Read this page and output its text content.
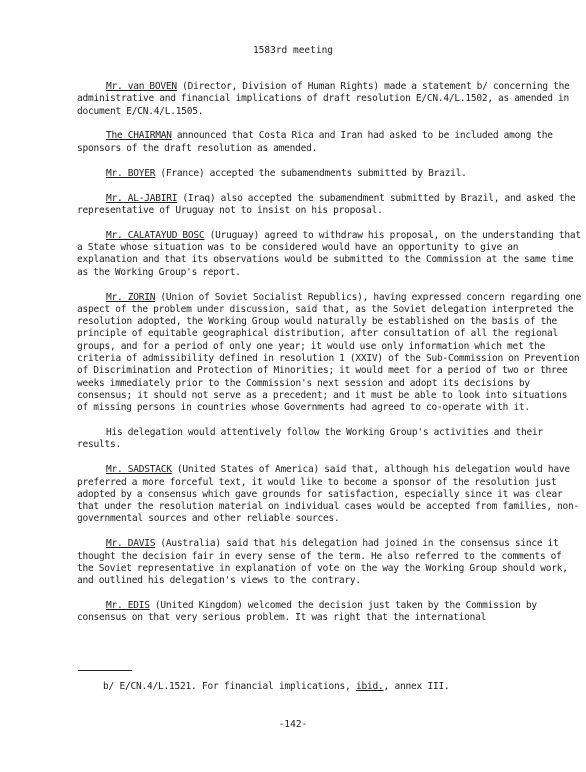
1583rd meeting

Mr. van BOVEN (Director, Division of Human Rights) made a statement b/ concerning the administrative and financial implications of draft resolution E/CN.4/L.1502, as amended in document E/CN.4/L.1505.

The CHAIRMAN announced that Costa Rica and Iran had asked to be included among the sponsors of the draft resolution as amended.

Mr. BOYER (France) accepted the subamendments submitted by Brazil.

Mr. AL-JABIRI (Iraq) also accepted the subamendment submitted by Brazil, and asked the representative of Uruguay not to insist on his proposal.

Mr. CALATAYUD BOSC (Uruguay) agreed to withdraw his proposal, on the understanding that a State whose situation was to be considered would have an opportunity to give an explanation and that its observations would be submitted to the Commission at the same time as the Working Group's report.

Mr. ZORIN (Union of Soviet Socialist Republics), having expressed concern regarding one aspect of the problem under discussion, said that, as the Soviet delegation interpreted the resolution adopted, the Working Group would naturally be established on the basis of the principle of equitable geographical distribution, after consultation of all the regional groups, and for a period of only one year; it would use only information which met the criteria of admissibility defined in resolution 1 (XXIV) of the Sub-Commission on Prevention of Discrimination and Protection of Minorities; it would meet for a period of two or three weeks immediately prior to the Commission's next session and adopt its decisions by consensus; it should not serve as a precedent; and it must be able to look into situations of missing persons in countries whose Governments had agreed to co-operate with it.

His delegation would attentively follow the Working Group's activities and their results.

Mr. SADSTACK (United States of America) said that, although his delegation would have preferred a more forceful text, it would like to become a sponsor of the resolution just adopted by a consensus which gave grounds for satisfaction, especially since it was clear that under the resolution material on individual cases would be accepted from families, non-governmental sources and other reliable sources.

Mr. DAVIS (Australia) said that his delegation had joined in the consensus since it thought the decision fair in every sense of the term. He also referred to the comments of the Soviet representative in explanation of vote on the way the Working Group should work, and outlined his delegation's views to the contrary.

Mr. EDIS (United Kingdom) welcomed the decision just taken by the Commission by consensus on that very serious problem. It was right that the international

b/ E/CN.4/L.1521. For financial implications, ibid., annex III.
-142-
